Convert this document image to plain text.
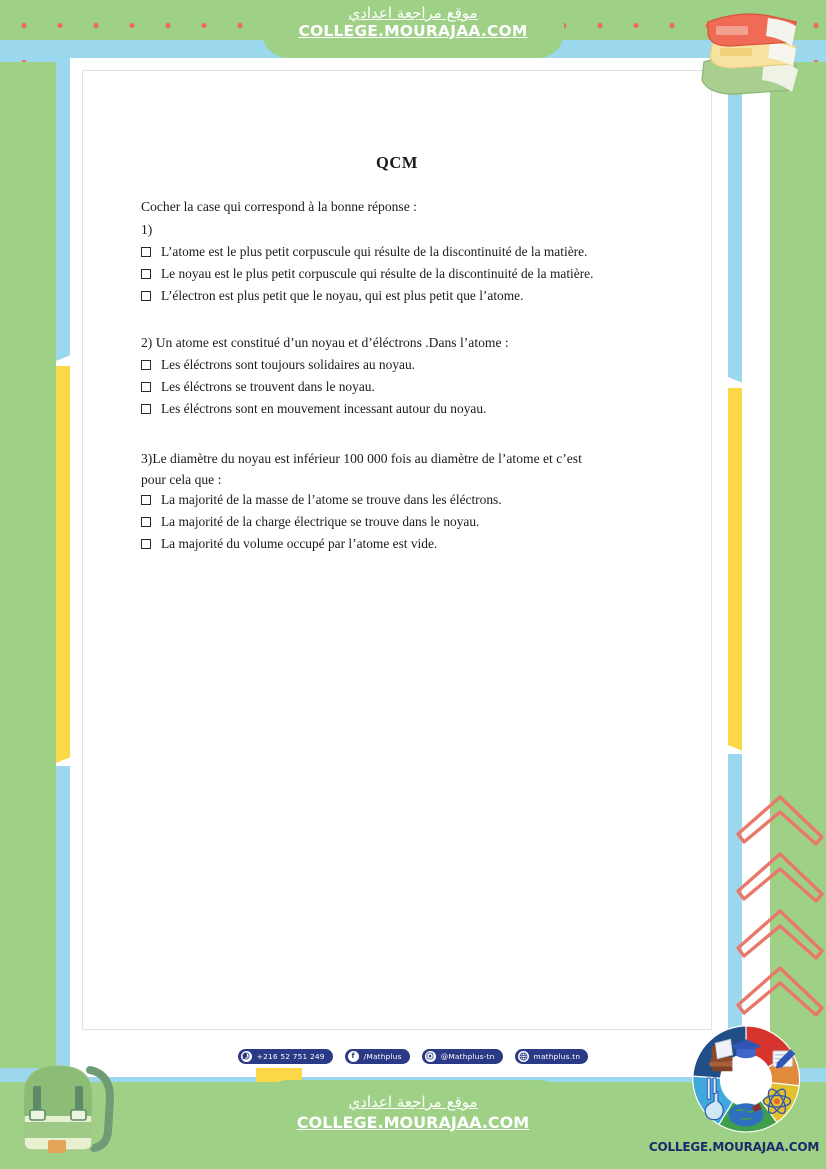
موقع مراجعة اعدادي
COLLEGE.MOURAJAA.COM
QCM

Cocher la case qui correspond à la bonne réponse :

1)

L’atome est le plus petit corpuscule qui résulte de la discontinuité de la matière.
Le noyau est le plus petit corpuscule qui résulte de la discontinuité de la matière.
L’électron est plus petit que le noyau, qui est plus petit que l’atome.

2) Un atome est constitué d’un noyau et d’éléctrons .Dans l’atome :

Les éléctrons sont toujours solidaires au noyau.
Les éléctrons se trouvent dans le noyau.
Les éléctrons sont en mouvement incessant autour du noyau.

3)Le diamètre du noyau est inférieur 100 000 fois au diamètre de l’atome et c’est

pour cela que :

La majorité de la masse de l’atome se trouve dans les éléctrons.
La majorité de la charge électrique se trouve dans le noyau.
La majorité du volume occupé par l’atome est vide.
+216 52 751 249	f	/Mathplus	@Mathplus-tn	mathplus.tn
موقع مراجعة اعدادي
COLLEGE.MOURAJAA.COM
COLLEGE.MOURAJAA.COM
